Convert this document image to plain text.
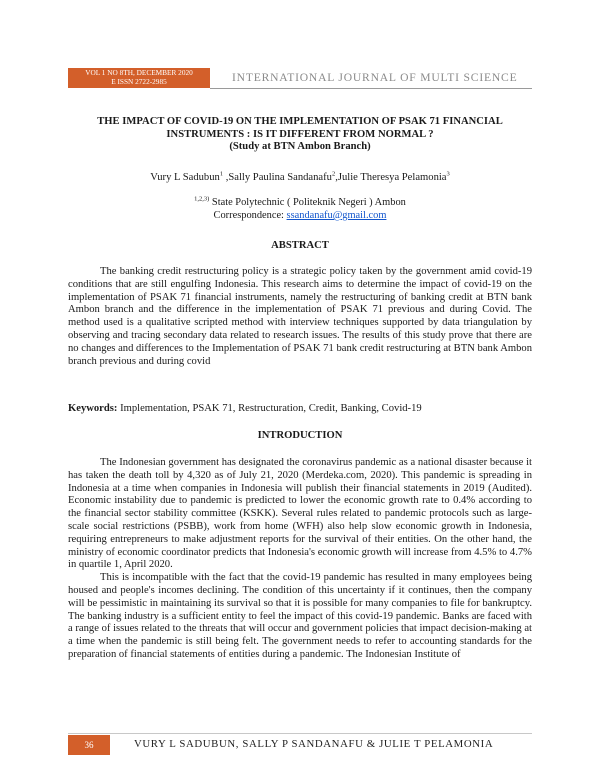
VOL 1 NO 8TH, DECEMBER 2020
E ISSN 2722-2985	INTERNATIONAL JOURNAL OF MULTI SCIENCE
THE IMPACT OF COVID-19 ON THE IMPLEMENTATION OF PSAK 71 FINANCIAL
INSTRUMENTS : IS IT DIFFERENT FROM NORMAL ?
(Study at BTN Ambon Branch)
Vury L Sadubun$^1$ ,Sally Paulina Sandanafu$^2$,Julie Theresya Pelamonia$^3$
$^{1,2,3)}$ State Polytechnic ( Politeknik Negeri ) Ambon
Correspondence: ssandanafu@gmail.com
ABSTRACT

The banking credit restructuring policy is a strategic policy taken by the government amid covid-19 conditions that are still engulfing Indonesia. This research aims to determine the impact of covid-19 on the implementation of PSAK 71 financial instruments, namely the restructuring of banking credit at BTN bank Ambon branch and the difference in the implementation of PSAK 71 previous and during Covid. The method used is a qualitative scripted method with interview techniques supported by data triangulation by observing and tracing secondary data related to research issues. The results of this study prove that there are no changes and differences to the Implementation of PSAK 71 bank credit restructuring at BTN bank Ambon branch previous and during covid

Keywords: Implementation, PSAK 71, Restructuration, Credit, Banking, Covid-19
INTRODUCTION

The Indonesian government has designated the coronavirus pandemic as a national disaster because it has taken the death toll by 4,320 as of July 21, 2020 (Merdeka.com, 2020). This pandemic is spreading in Indonesia at a time when companies in Indonesia will publish their financial statements in 2019 (Audited). Economic instability due to pandemic is predicted to lower the economic growth rate to 0.4% according to the financial sector stability committee (KSKK). Several rules related to pandemic protocols such as large-scale social restrictions (PSBB), work from home (WFH) also help slow economic growth in Indonesia, requiring entrepreneurs to make adjustment reports for the survival of their entities. On the other hand, the ministry of economic coordinator predicts that Indonesia's economic growth will increase from 4.5% to 4.7% in quartile 1, April 2020.

This is incompatible with the fact that the covid-19 pandemic has resulted in many employees being housed and people's incomes declining. The condition of this uncertainty if it continues, then the company will be pessimistic in maintaining its survival so that it is possible for many companies to file for bankruptcy. The banking industry is a sufficient entity to feel the impact of this covid-19 pandemic. Banks are faced with a range of issues related to the threats that will occur and government policies that impact decision-making at a time when the pandemic is still being felt. The government needs to refer to accounting standards for the preparation of financial statements of entities during a pandemic. The Indonesian Institute of

36	VURY L SADUBUN, SALLY P SANDANAFU & JULIE T PELAMONIA
